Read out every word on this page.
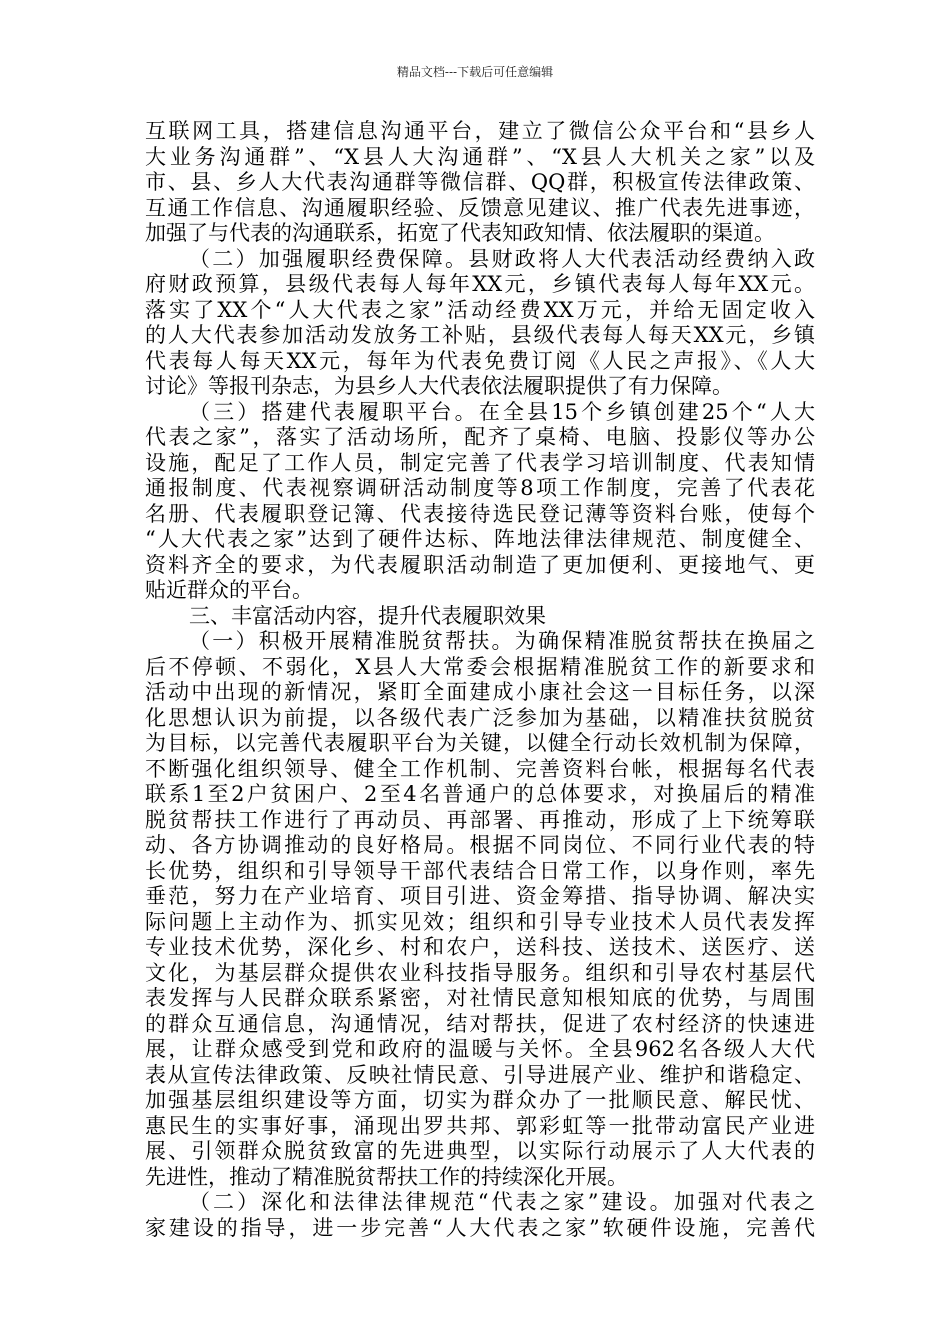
精品文档---下载后可任意编辑
互联网工具，搭建信息沟通平台，建立了微信公众平台和“县乡人
大业务沟通群”、“X县人大沟通群”、“X县人大机关之家”以及
市、县、乡人大代表沟通群等微信群、QQ群，积极宣传法律政策、
互通工作信息、沟通履职经验、反馈意见建议、推广代表先进事迹，
加强了与代表的沟通联系，拓宽了代表知政知情、依法履职的渠道。
（二）加强履职经费保障。县财政将人大代表活动经费纳入政
府财政预算，县级代表每人每年XX元，乡镇代表每人每年XX元。
落实了XX个“人大代表之家”活动经费XX万元，并给无固定收入
的人大代表参加活动发放务工补贴，县级代表每人每天XX元，乡镇
代表每人每天XX元，每年为代表免费订阅《人民之声报》、《人大
讨论》等报刊杂志，为县乡人大代表依法履职提供了有力保障。
（三）搭建代表履职平台。在全县15个乡镇创建25个“人大
代表之家”，落实了活动场所，配齐了桌椅、电脑、投影仪等办公
设施，配足了工作人员，制定完善了代表学习培训制度、代表知情
通报制度、代表视察调研活动制度等8项工作制度，完善了代表花
名册、代表履职登记簿、代表接待选民登记薄等资料台账，使每个
“人大代表之家”达到了硬件达标、阵地法律法律规范、制度健全、
资料齐全的要求，为代表履职活动制造了更加便利、更接地气、更
贴近群众的平台。
三、丰富活动内容，提升代表履职效果
（一）积极开展精准脱贫帮扶。为确保精准脱贫帮扶在换届之
后不停顿、不弱化，X县人大常委会根据精准脱贫工作的新要求和
活动中出现的新情况，紧盯全面建成小康社会这一目标任务，以深
化思想认识为前提，以各级代表广泛参加为基础，以精准扶贫脱贫
为目标，以完善代表履职平台为关键，以健全行动长效机制为保障，
不断强化组织领导、健全工作机制、完善资料台帐，根据每名代表
联系1至2户贫困户、2至4名普通户的总体要求，对换届后的精准
脱贫帮扶工作进行了再动员、再部署、再推动，形成了上下统筹联
动、各方协调推动的良好格局。根据不同岗位、不同行业代表的特
长优势，组织和引导领导干部代表结合日常工作，以身作则，率先
垂范，努力在产业培育、项目引进、资金筹措、指导协调、解决实
际问题上主动作为、抓实见效；组织和引导专业技术人员代表发挥
专业技术优势，深化乡、村和农户，送科技、送技术、送医疗、送
文化，为基层群众提供农业科技指导服务。组织和引导农村基层代
表发挥与人民群众联系紧密，对社情民意知根知底的优势，与周围
的群众互通信息，沟通情况，结对帮扶，促进了农村经济的快速进
展，让群众感受到党和政府的温暖与关怀。全县962名各级人大代
表从宣传法律政策、反映社情民意、引导进展产业、维护和谐稳定、
加强基层组织建设等方面，切实为群众办了一批顺民意、解民忧、
惠民生的实事好事，涌现出罗共邦、郭彩虹等一批带动富民产业进
展、引领群众脱贫致富的先进典型，以实际行动展示了人大代表的
先进性，推动了精准脱贫帮扶工作的持续深化开展。
（二）深化和法律法律规范“代表之家”建设。加强对代表之
家建设的指导，进一步完善“人大代表之家”软硬件设施，完善代
